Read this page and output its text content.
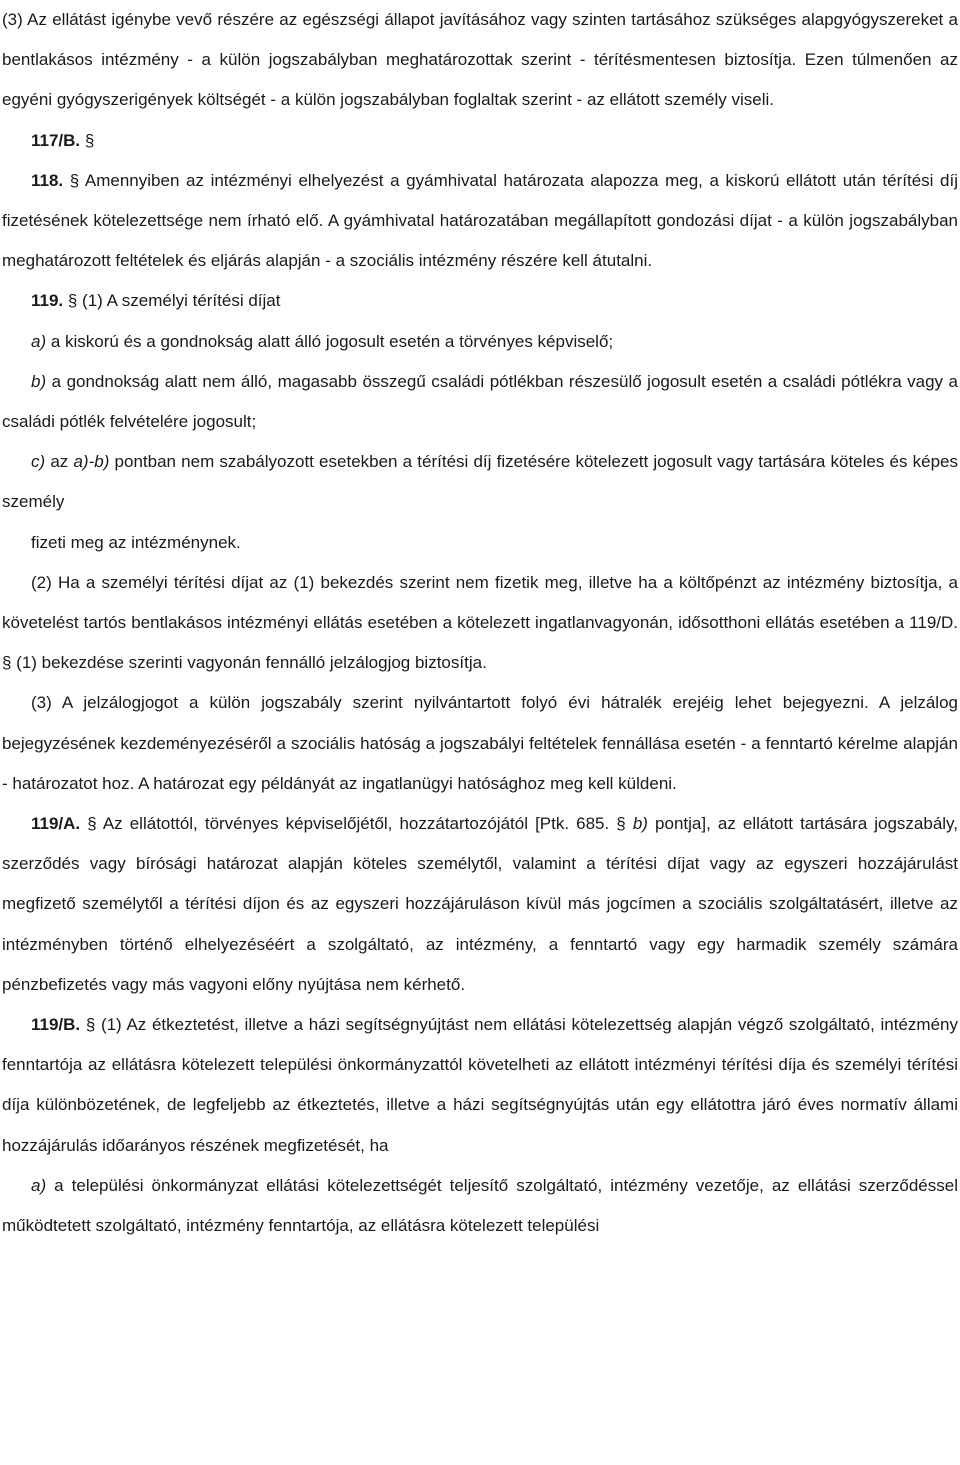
(3) Az ellátást igénybe vevő részére az egészségi állapot javításához vagy szinten tartásához szükséges alapgyógyszereket a bentlakásos intézmény - a külön jogszabályban meghatározottak szerint - térítésmentesen biztosítja. Ezen túlmenően az egyéni gyógyszerigények költségét - a külön jogszabályban foglaltak szerint - az ellátott személy viseli.

117/B. §

118. § Amennyiben az intézményi elhelyezést a gyámhivatal határozata alapozza meg, a kiskorú ellátott után térítési díj fizetésének kötelezettsége nem írható elő. A gyámhivatal határozatában megállapított gondozási díjat - a külön jogszabályban meghatározott feltételek és eljárás alapján - a szociális intézmény részére kell átutalni.

119. § (1) A személyi térítési díjat

a) a kiskorú és a gondnokság alatt álló jogosult esetén a törvényes képviselő;

b) a gondnokság alatt nem álló, magasabb összegű családi pótlékban részesülő jogosult esetén a családi pótlékra vagy a családi pótlék felvételére jogosult;

c) az a)-b) pontban nem szabályozott esetekben a térítési díj fizetésére kötelezett jogosult vagy tartására köteles és képes személy

fizeti meg az intézménynek.

(2) Ha a személyi térítési díjat az (1) bekezdés szerint nem fizetik meg, illetve ha a költőpénzt az intézmény biztosítja, a követelést tartós bentlakásos intézményi ellátás esetében a kötelezett ingatlanvagyonán, idősotthoni ellátás esetében a 119/D. § (1) bekezdése szerinti vagyonán fennálló jelzálogjog biztosítja.

(3) A jelzálogjogot a külön jogszabály szerint nyilvántartott folyó évi hátralék erejéig lehet bejegyezni. A jelzálog bejegyzésének kezdeményezéséről a szociális hatóság a jogszabályi feltételek fennállása esetén - a fenntartó kérelme alapján - határozatot hoz. A határozat egy példányát az ingatlanügyi hatósághoz meg kell küldeni.

119/A. § Az ellátottól, törvényes képviselőjétől, hozzátartozójától [Ptk. 685. § b) pontja], az ellátott tartására jogszabály, szerződés vagy bírósági határozat alapján köteles személytől, valamint a térítési díjat vagy az egyszeri hozzájárulást megfizető személytől a térítési díjon és az egyszeri hozzájáruláson kívül más jogcímen a szociális szolgáltatásért, illetve az intézményben történő elhelyezéséért a szolgáltató, az intézmény, a fenntartó vagy egy harmadik személy számára pénzbefizetés vagy más vagyoni előny nyújtása nem kérhető.

119/B. § (1) Az étkeztetést, illetve a házi segítségnyújtást nem ellátási kötelezettség alapján végző szolgáltató, intézmény fenntartója az ellátásra kötelezett települési önkormányzattól követelheti az ellátott intézményi térítési díja és személyi térítési díja különbözetének, de legfeljebb az étkeztetés, illetve a házi segítségnyújtás után egy ellátottra járó éves normatív állami hozzájárulás időarányos részének megfizetését, ha

a) a települési önkormányzat ellátási kötelezettségét teljesítő szolgáltató, intézmény vezetője, az ellátási szerződéssel működtetett szolgáltató, intézmény fenntartója, az ellátásra kötelezett települési
